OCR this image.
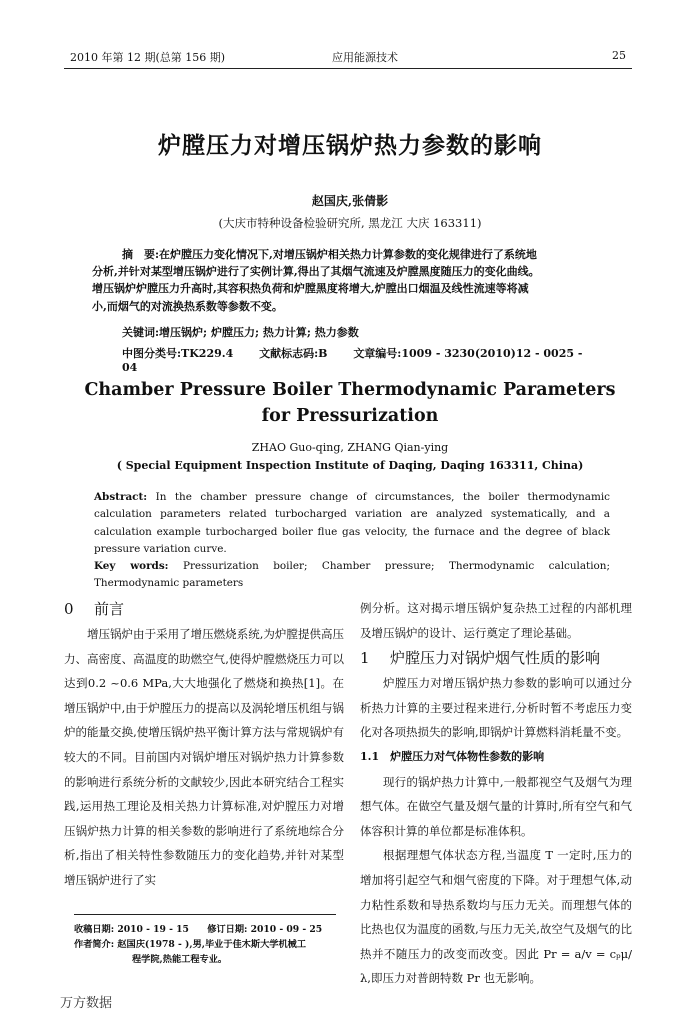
2010 年第 12 期(总第 156 期)	应用能源技术	25
炉膛压力对增压锅炉热力参数的影响
赵国庆,张倩影
(大庆市特种设备检验研究所, 黑龙江 大庆 163311)

摘　要:在炉膛压力变化情况下,对增压锅炉相关热力计算参数的变化规律进行了系统地

分析,并针对某型增压锅炉进行了实例计算,得出了其烟气流速及炉膛黑度随压力的变化曲线。

增压锅炉炉膛压力升高时,其容积热负荷和炉膛黑度将增大,炉膛出口烟温及线性流速等将减

小,而烟气的对流换热系数等参数不变。

关键词:增压锅炉; 炉膛压力; 热力计算; 热力参数
中图分类号:TK229.4 文献标志码:B 文章编号:1009 - 3230(2010)12 - 0025 - 04
Chamber Pressure Boiler Thermodynamic Parameters
for Pressurization
ZHAO Guo-qing, ZHANG Qian-ying
( Special Equipment Inspection Institute of Daqing, Daqing 163311, China)

Abstract: In the chamber pressure change of circumstances, the boiler thermodynamic calculation parameters related turbocharged variation are analyzed systematically, and a calculation example turbocharged boiler flue gas velocity, the furnace and the degree of black pressure variation curve.

Key words: Pressurization boiler; Chamber pressure; Thermodynamic calculation; Thermodynamic parameters

0 前言

增压锅炉由于采用了增压燃烧系统,为炉膛提供高压力、高密度、高温度的助燃空气,使得炉膛燃烧压力可以达到0.2 ~0.6 MPa,大大地强化了燃烧和换热[1]。在增压锅炉中,由于炉膛压力的提高以及涡轮增压机组与锅炉的能量交换,使增压锅炉热平衡计算方法与常规锅炉有较大的不同。目前国内对锅炉增压对锅炉热力计算参数的影响进行系统分析的文献较少,因此本研究结合工程实践,运用热工理论及相关热力计算标准,对炉膛压力对增压锅炉热力计算的相关参数的影响进行了系统地综合分析,指出了相关特性参数随压力的变化趋势,并针对某型增压锅炉进行了实

收稿日期: 2010 - 19 - 15　　修订日期: 2010 - 09 - 25

作者简介: 赵国庆(1978 - ),男,毕业于佳木斯大学机械工

程学院,热能工程专业。

例分析。这对揭示增压锅炉复杂热工过程的内部机理及增压锅炉的设计、运行奠定了理论基础。

1 炉膛压力对锅炉烟气性质的影响

炉膛压力对增压锅炉热力参数的影响可以通过分析热力计算的主要过程来进行,分析时暂不考虑压力变化对各项热损失的影响,即锅炉计算燃料消耗量不变。

1.1　 炉膛压力对气体物性参数的影响

现行的锅炉热力计算中,一般都视空气及烟气为理想气体。在做空气量及烟气量的计算时,所有空气和气体容积计算的单位都是标准体积。

根据理想气体状态方程,当温度 T 一定时,压力的增加将引起空气和烟气密度的下降。对于理想气体,动力粘性系数和导热系数均与压力无关。而理想气体的比热也仅为温度的函数,与压力无关,故空气及烟气的比热并不随压力的改变而改变。因此 Pr = a/v = cₚμ/λ,即压力对普朗特数 Pr 也无影响。

万方数据
